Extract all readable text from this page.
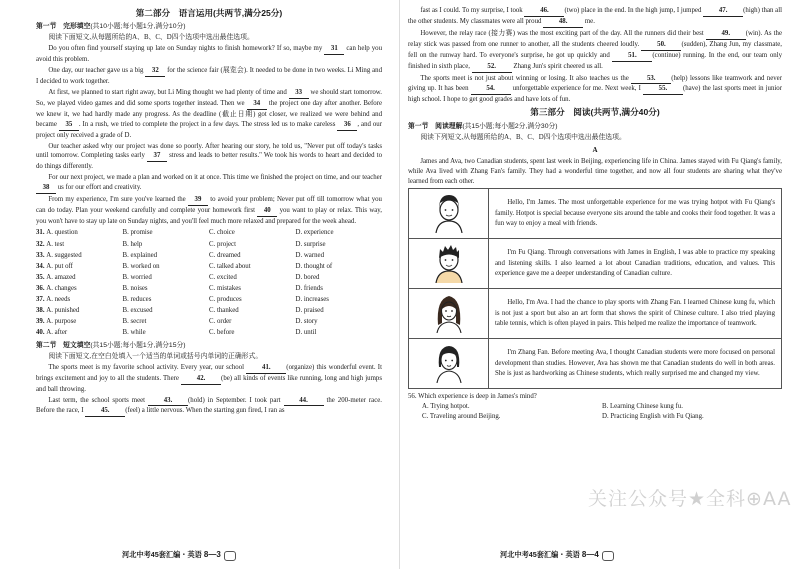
第二部分　语言运用(共两节,满分25分)
第一节　完形填空(共10小题;每小题1分,满分10分)
阅读下面短文,从每题所给的A、B、C、D四个选项中选出最佳选项。
Do you often find yourself staying up late on Sunday nights to finish homework? If so, maybe my 31 can help you avoid this problem.
One day, our teacher gave us a big 32 for the science fair (展览会). It needed to be done in two weeks. Li Ming and I decided to work together.
At first, we planned to start right away, but Li Ming thought we had plenty of time and 33 we should start tomorrow. So, we played video games and did some sports together instead. Then we 34 the project one day after another. Before we knew it, we had hardly made any progress. As the deadline (截止日期) got closer, we realized we were behind and became 35 . In a rush, we tried to complete the project in a few days. The stress led us to make careless 36 , and our project only received a grade of D.
Our teacher asked why our project was done so poorly. After hearing our story, he told us, "Never put off today's tasks until tomorrow. Completing tasks early 37 stress and leads to better results." We took his words to heart and decided to do things differently.
For our next project, we made a plan and worked on it at once. This time we finished the project on time, and our teacher 38 us for our effort and creativity.
From my experience, I'm sure you've learned the 39 to avoid your problem; Never put off till tomorrow what you can do today. Plan your weekend carefully and complete your homework first 40 you want to play or relax. This way, you won't have to stay up late on Sunday nights, and you'll feel much more relaxed and prepared for the week ahead.
31. A. question	B. promise	C. choice	D. experience
32. A. test	B. help	C. project	D. surprise
33. A. suggested	B. explained	C. dreamed	D. warned
34. A. put off	B. worked on	C. talked about	D. thought of
35. A. amazed	B. worried	C. excited	D. bored
36. A. changes	B. noises	C. mistakes	D. friends
37. A. needs	B. reduces	C. produces	D. increases
38. A. punished	B. excused	C. thanked	D. praised
39. A. purpose	B. secret	C. order	D. story
40. A. after	B. while	C. before	D. until
第二节　短文填空(共15小题;每小题1分,满分15分)
阅读下面短文,在空白处填入一个适当的单词或括号内单词的正确形式。
The sports meet is my favorite school activity. Every year, our school 41. (organize) this wonderful event. It brings excitement and joy to all the students. There 42. (be) all kinds of events like running, long and high jumps and ball throwing.
Last term, the school sports meet 43. (hold) in September. I took part 44. the 200-meter race. Before the race, I 45. (feel) a little nervous. When the starting gun fired, I ran as
河北中考45套汇编・英语 8—3
fast as I could. To my surprise, I took 46. (two) place in the end. In the high jump, I jumped 47. (high) than all the other students. My classmates were all proud 48. me.
However, the relay race (接力赛) was the most exciting part of the day. All the runners did their best 49. (win). As the relay stick was passed from one runner to another, all the students cheered loudly. 50. (sudden), Zhang Jun, my classmate, fell on the runway hard. To everyone's surprise, he got up quickly and 51. (continue) running. In the end, our team only finished in sixth place, 52. Zhang Jun's spirit cheered us all.
The sports meet is not just about winning or losing. It also teaches us the 53. (help) lessons like teamwork and never giving up. It has been 54. unforgettable experience for me. Next week, I 55. (have) the last sports meet in junior high school. I hope to get good grades and have lots of fun.
第三部分　阅读(共两节,满分40分)
第一节　阅读理解(共15小题;每小题2分,满分30分)
阅读下列短文,从每题所给的A、B、C、D四个选项中选出最佳选项。
A
James and Ava, two Canadian students, spent last week in Beijing, experiencing life in China. James stayed with Fu Qiang's family, while Ava lived with Zhang Fan's family. They had a wonderful time together, and now all four students are sharing what they've learned from each other.
	Hello, I'm James. The most unforgettable experience for me was trying hotpot with Fu Qiang's family. Hotpot is special because everyone sits around the table and cooks their food together. It was a fun way to enjoy a meal with friends.
	I'm Fu Qiang. Through conversations with James in English, I was able to practice my speaking and listening skills. I also learned a lot about Canadian traditions, education, and values. This experience gave me a deeper understanding of Canadian culture.
	Hello, I'm Ava. I had the chance to play sports with Zhang Fan. I learned Chinese kung fu, which is not just a sport but also an art form that shows the spirit of Chinese culture. I also tried playing table tennis, which is often played in pairs. This helped me realize the importance of teamwork.
	I'm Zhang Fan. Before meeting Ava, I thought Canadian students were more focused on personal development than studies. However, Ava has shown me that Canadian students do well in both areas. She is just as hardworking as Chinese students, which really surprised me and changed my view.
56. Which experience is deep in James's mind?
A. Trying hotpot.	B. Learning Chinese kung fu.
C. Traveling around Beijing.	D. Practicing English with Fu Qiang.
河北中考45套汇编・英语 8—4
关注公众号★全科⊕AA
